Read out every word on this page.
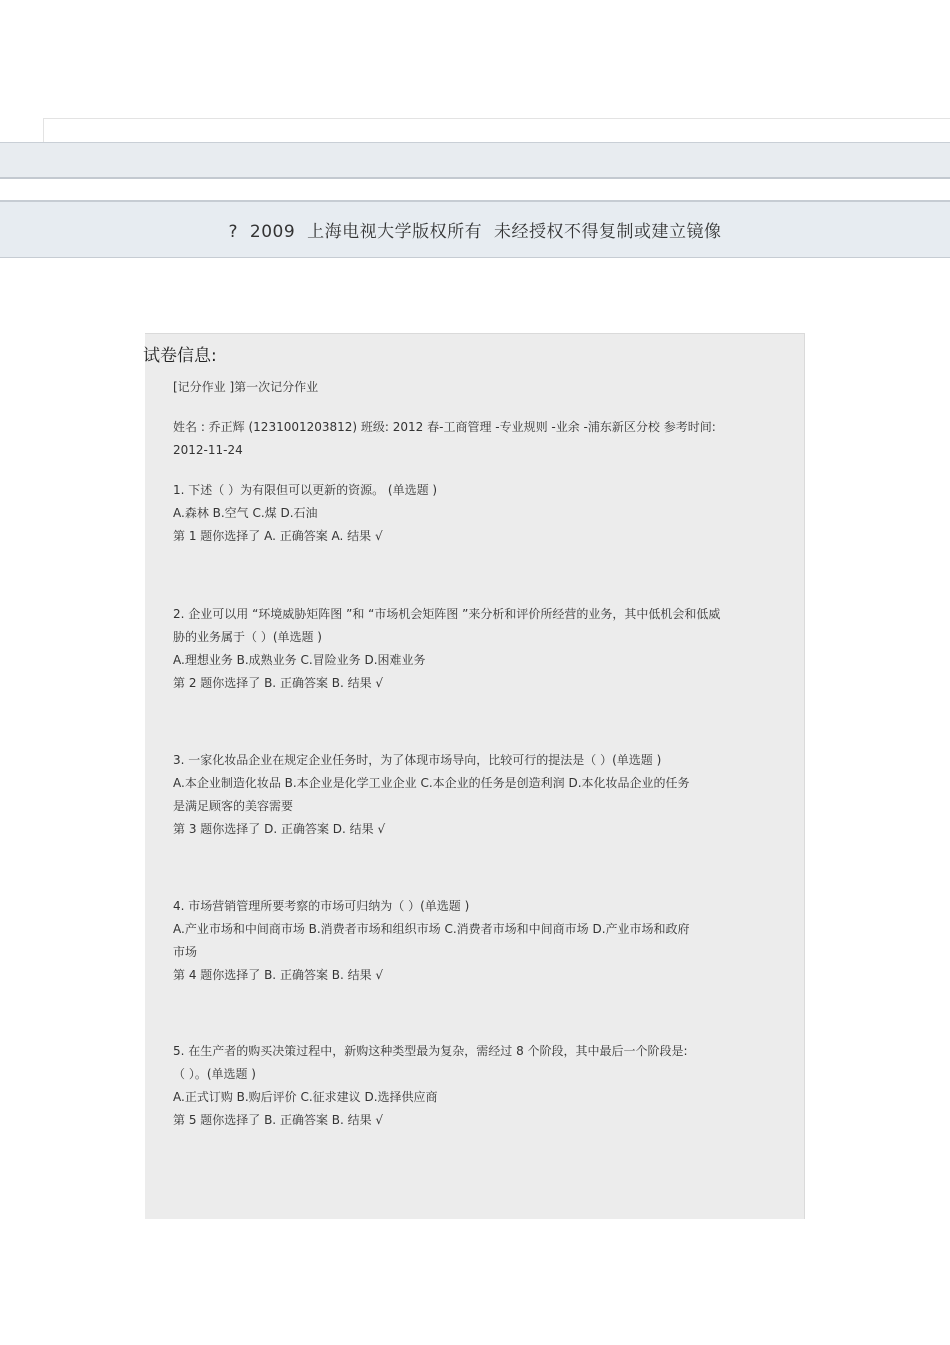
? 2009 上海电视大学版权所有 未经授权不得复制或建立镜像
试卷信息:
[记分作业 ]第一次记分作业
姓名 : 乔正辉 (1231001203812) 班级: 2012 春-工商管理 -专业规则 -业余 -浦东新区分校 参考时间:
2012-11-24
1. 下述（ ）为有限但可以更新的资源。 (单选题 )
A.森林 B.空气 C.煤 D.石油
第 1 题你选择了 A. 正确答案 A. 结果 √
2. 企业可以用 “环境威胁矩阵图 ”和 “市场机会矩阵图 ”来分析和评价所经营的业务，其中低机会和低威
胁的业务属于（ ）(单选题 )
A.理想业务 B.成熟业务 C.冒险业务 D.困难业务
第 2 题你选择了 B. 正确答案 B. 结果 √
3. 一家化妆品企业在规定企业任务时，为了体现市场导向，比较可行的提法是（ ）(单选题 )
A.本企业制造化妆品 B.本企业是化学工业企业 C.本企业的任务是创造利润 D.本化妆品企业的任务
是满足顾客的美容需要
第 3 题你选择了 D. 正确答案 D. 结果 √
4. 市场营销管理所要考察的市场可归纳为（ ）(单选题 )
A.产业市场和中间商市场 B.消费者市场和组织市场 C.消费者市场和中间商市场 D.产业市场和政府
市场
第 4 题你选择了 B. 正确答案 B. 结果 √
5. 在生产者的购买决策过程中，新购这种类型最为复杂，需经过 8 个阶段，其中最后一个阶段是:
（ ）。(单选题 )
A.正式订购 B.购后评价 C.征求建议 D.选择供应商
第 5 题你选择了 B. 正确答案 B. 结果 √
